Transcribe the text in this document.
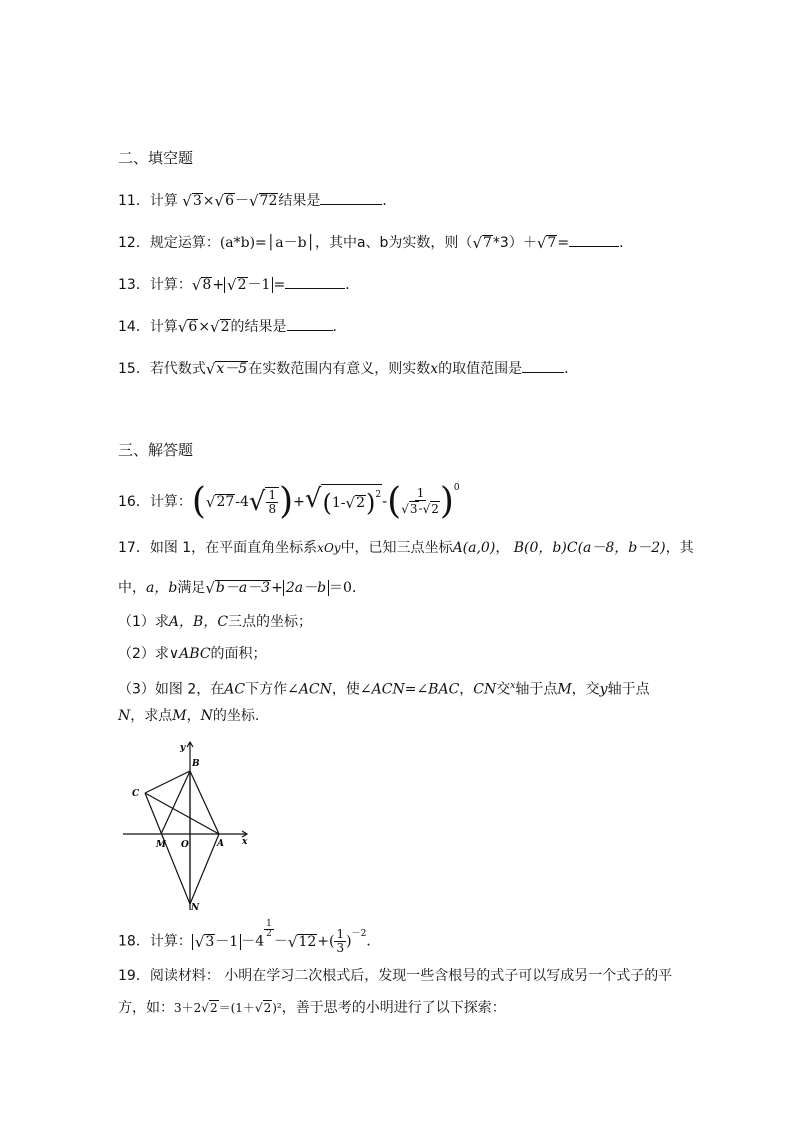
二、填空题
11．计算 √ 3 × √ 6 － √ 72 结果是	．
12．规定运算：(a*b)=│a－b│，其中a、b为实数，则（ √ 7 *3）＋ √ 7 =	.
13．计算： √ 8 + √ 2 －1 =	．
14．计算 √ 6 × √ 2 的结果是	．
15．若代数式 √ x－5 在实数范围内有意义，则实数x的取值范围是	．
三、解答题
16．计算：( √ 27 -4 √ $\frac{1}{8}$ )+ √ (1- √ 2 )$^2$ -( $\frac{1}{√ 3 - √ 2} )^0$
17．如图 1，在平面直角坐标系xOy中，已知三点坐标A(a,0)， B(0，b)C(a－8，b－2)，其
中，a，b满足 √ b－a－3 + 2a－b ＝0．
（1）求A，B，C三点的坐标；
（2）求∨ABC的面积；
（3）如图 2，在AC下方作∠ACN，使∠ACN=∠BAC，CN交$^x$轴于点M，交y轴于点
N，求点M，N的坐标.
y
x
B
C
M O	A
N
18．计算： √ 3 －1 －4
$\frac{1}{2}$
－ √ 12 +( $\frac{1}{3} )^{-2}$．
19．阅读材料： 小明在学习二次根式后，发现一些含根号的式子可以写成另一个式子的平
方，如：3＋2 √ 2 ＝(1＋ √ 2 )²，善于思考的小明进行了以下探索：
